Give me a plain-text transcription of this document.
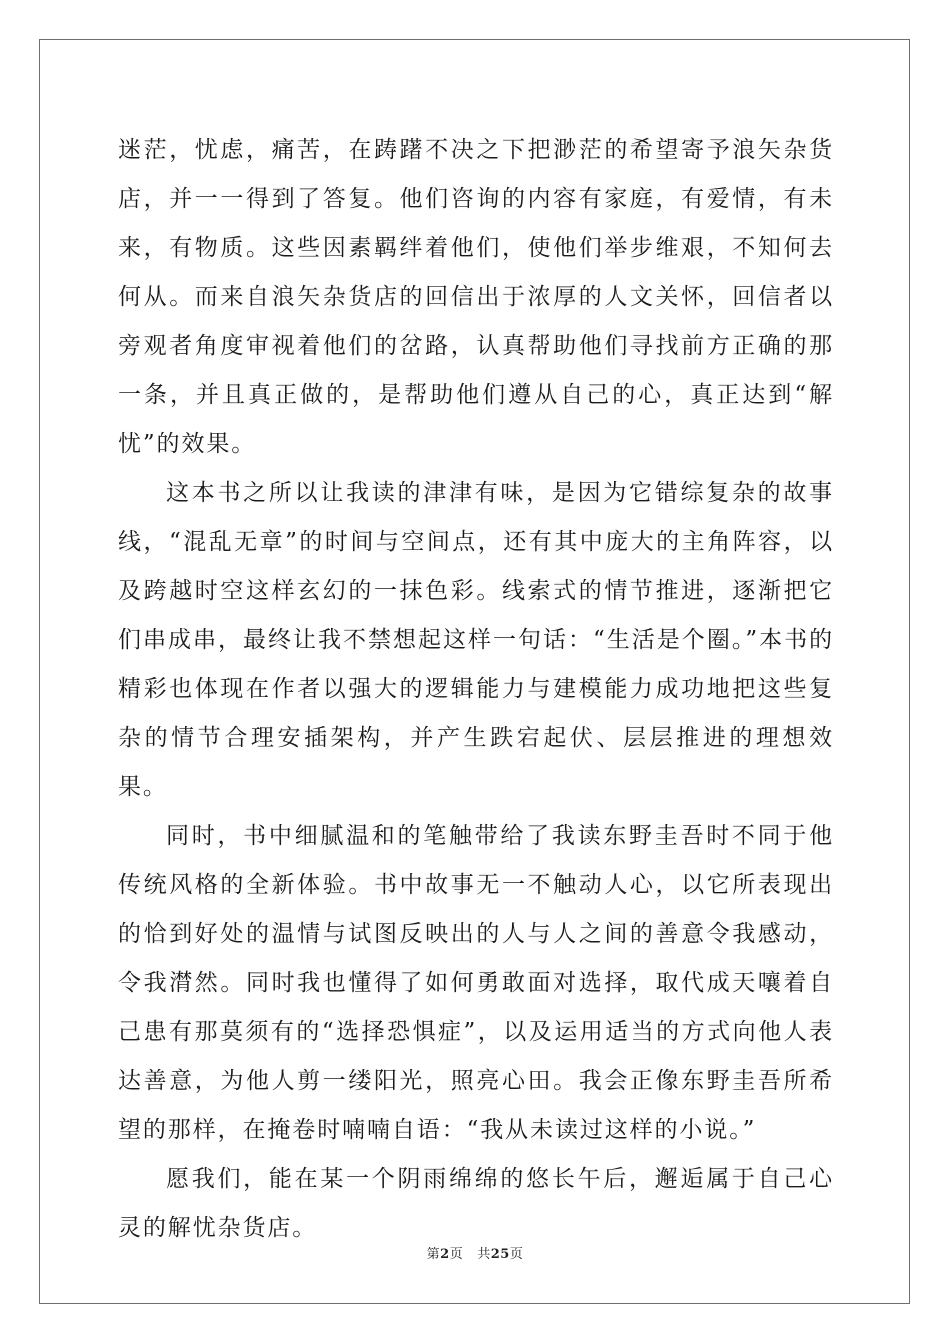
迷茫，忧虑，痛苦，在踌躇不决之下把渺茫的希望寄予浪矢杂货店，并一一得到了答复。他们咨询的内容有家庭，有爱情，有未来，有物质。这些因素羁绊着他们，使他们举步维艰，不知何去何从。而来自浪矢杂货店的回信出于浓厚的人文关怀，回信者以旁观者角度审视着他们的岔路，认真帮助他们寻找前方正确的那一条，并且真正做的，是帮助他们遵从自己的心，真正达到“解忧”的效果。

这本书之所以让我读的津津有味，是因为它错综复杂的故事线，“混乱无章”的时间与空间点，还有其中庞大的主角阵容，以及跨越时空这样玄幻的一抹色彩。线索式的情节推进，逐渐把它们串成串，最终让我不禁想起这样一句话：“生活是个圈。”本书的精彩也体现在作者以强大的逻辑能力与建模能力成功地把这些复杂的情节合理安插架构，并产生跌宕起伏、层层推进的理想效果。

同时，书中细腻温和的笔触带给了我读东野圭吾时不同于他传统风格的全新体验。书中故事无一不触动人心，以它所表现出的恰到好处的温情与试图反映出的人与人之间的善意令我感动，令我潸然。同时我也懂得了如何勇敢面对选择，取代成天嚷着自己患有那莫须有的“选择恐惧症”，以及运用适当的方式向他人表达善意，为他人剪一缕阳光，照亮心田。我会正像东野圭吾所希望的那样，在掩卷时喃喃自语：“我从未读过这样的小说。”

愿我们，能在某一个阴雨绵绵的悠长午后，邂逅属于自己心灵的解忧杂货店。

第2页 共25页
